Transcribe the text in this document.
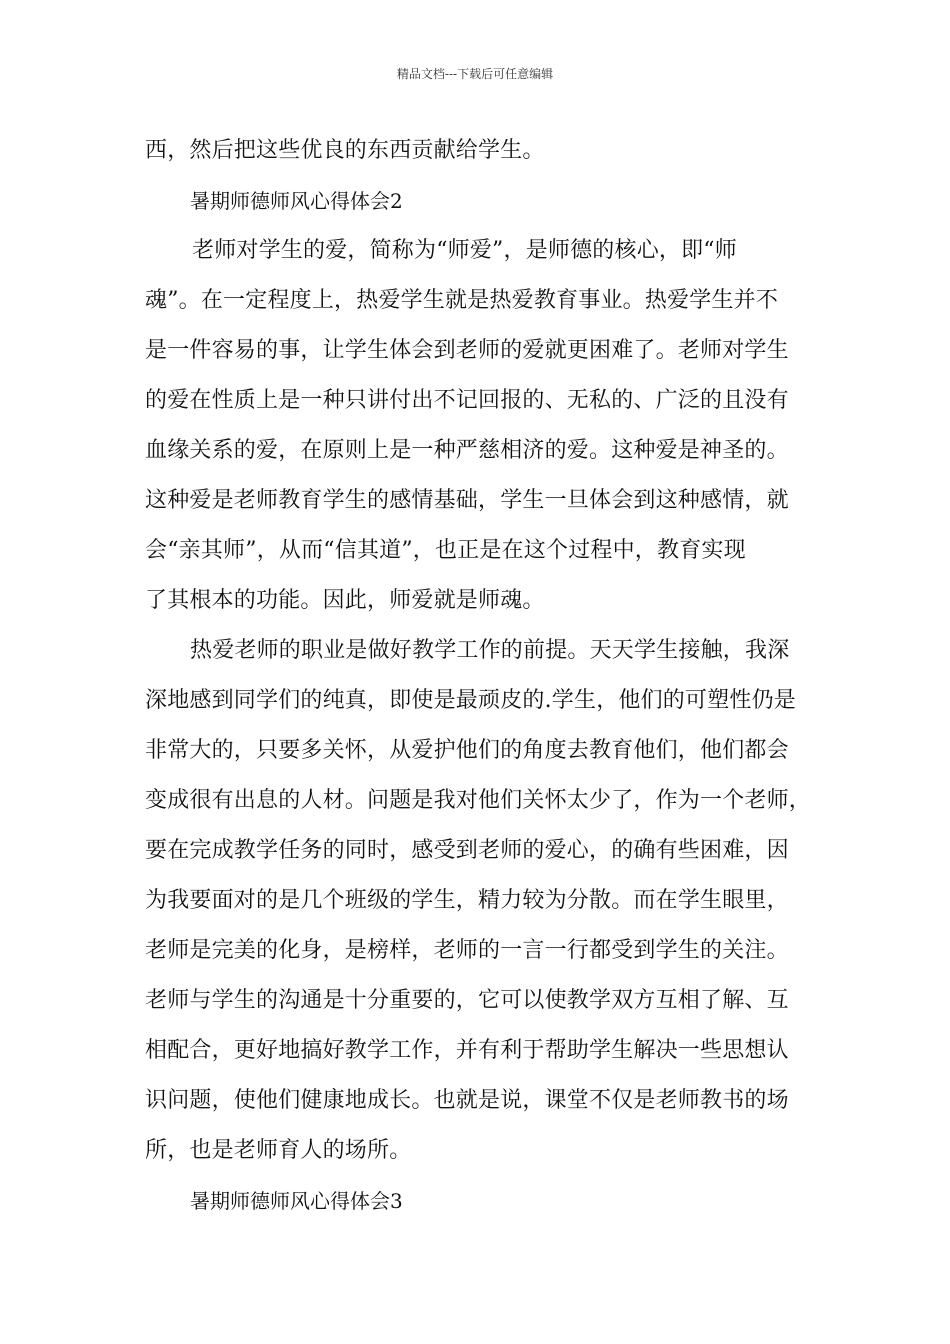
精品文档---下载后可任意编辑
西，然后把这些优良的东西贡献给学生。
暑期师德师风心得体会2
老师对学生的爱，简称为“师爱”，是师德的核心，即“师
魂”。在一定程度上，热爱学生就是热爱教育事业。热爱学生并不
是一件容易的事，让学生体会到老师的爱就更困难了。老师对学生
的爱在性质上是一种只讲付出不记回报的、无私的、广泛的且没有
血缘关系的爱，在原则上是一种严慈相济的爱。这种爱是神圣的。
这种爱是老师教育学生的感情基础，学生一旦体会到这种感情，就
会“亲其师”，从而“信其道”，也正是在这个过程中，教育实现
了其根本的功能。因此，师爱就是师魂。
热爱老师的职业是做好教学工作的前提。天天学生接触，我深
深地感到同学们的纯真，即使是最顽皮的.学生，他们的可塑性仍是
非常大的，只要多关怀，从爱护他们的角度去教育他们，他们都会
变成很有出息的人材。问题是我对他们关怀太少了，作为一个老师，
要在完成教学任务的同时，感受到老师的爱心，的确有些困难，因
为我要面对的是几个班级的学生，精力较为分散。而在学生眼里，
老师是完美的化身，是榜样，老师的一言一行都受到学生的关注。
老师与学生的沟通是十分重要的，它可以使教学双方互相了解、互
相配合，更好地搞好教学工作，并有利于帮助学生解决一些思想认
识问题，使他们健康地成长。也就是说，课堂不仅是老师教书的场
所，也是老师育人的场所。
暑期师德师风心得体会3
